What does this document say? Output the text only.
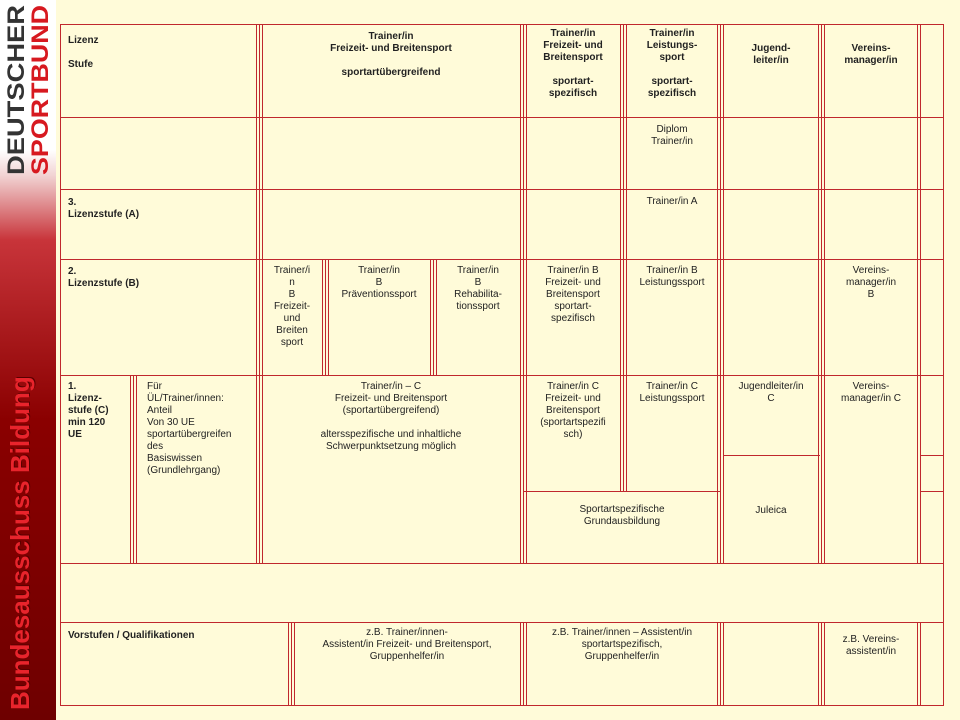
DEUTSCHER
SPORTBUND
Bundesausschuss Bildung
Lizenz

Stufe
Trainer/in
Freizeit- und Breitensport

sportartübergreifend
Trainer/in
Freizeit- und
Breitensport

sportart-
spezifisch
Trainer/in
Leistungs-
sport

sportart-
spezifisch
Jugend-
leiter/in
Vereins-
manager/in
Diplom
Trainer/in
3.
Lizenzstufe (A)
Trainer/in A
2.
Lizenzstufe (B)
Trainer/i
n
B
Freizeit-
und
Breiten
sport
Trainer/in
B
Präventionssport
Trainer/in
B
Rehabilita-
tionssport
Trainer/in B
Freizeit- und
Breitensport
sportart-
spezifisch
Trainer/in B
Leistungssport
Vereins-
manager/in
B
1.
Lizenz-
stufe (C)
min 120
UE
Für
ÜL/Trainer/innen:
Anteil
Von 30 UE
sportartübergreifen
des
Basiswissen
(Grundlehrgang)
Trainer/in – C
Freizeit- und Breitensport
(sportartübergreifend)

altersspezifische und inhaltliche
Schwerpunktsetzung möglich
Trainer/in C
Freizeit- und
Breitensport
(sportartspezifi
sch)
Trainer/in C
Leistungssport
Jugendleiter/in
C
Vereins-
manager/in C
Sportartspezifische
Grundausbildung
Juleica
Vorstufen / Qualifikationen	z.B. Trainer/innen-
Assistent/in Freizeit- und Breitensport,
Gruppenhelfer/in
z.B. Trainer/innen – Assistent/in
sportartspezifisch,
Gruppenhelfer/in
z.B. Vereins-
assistent/in
